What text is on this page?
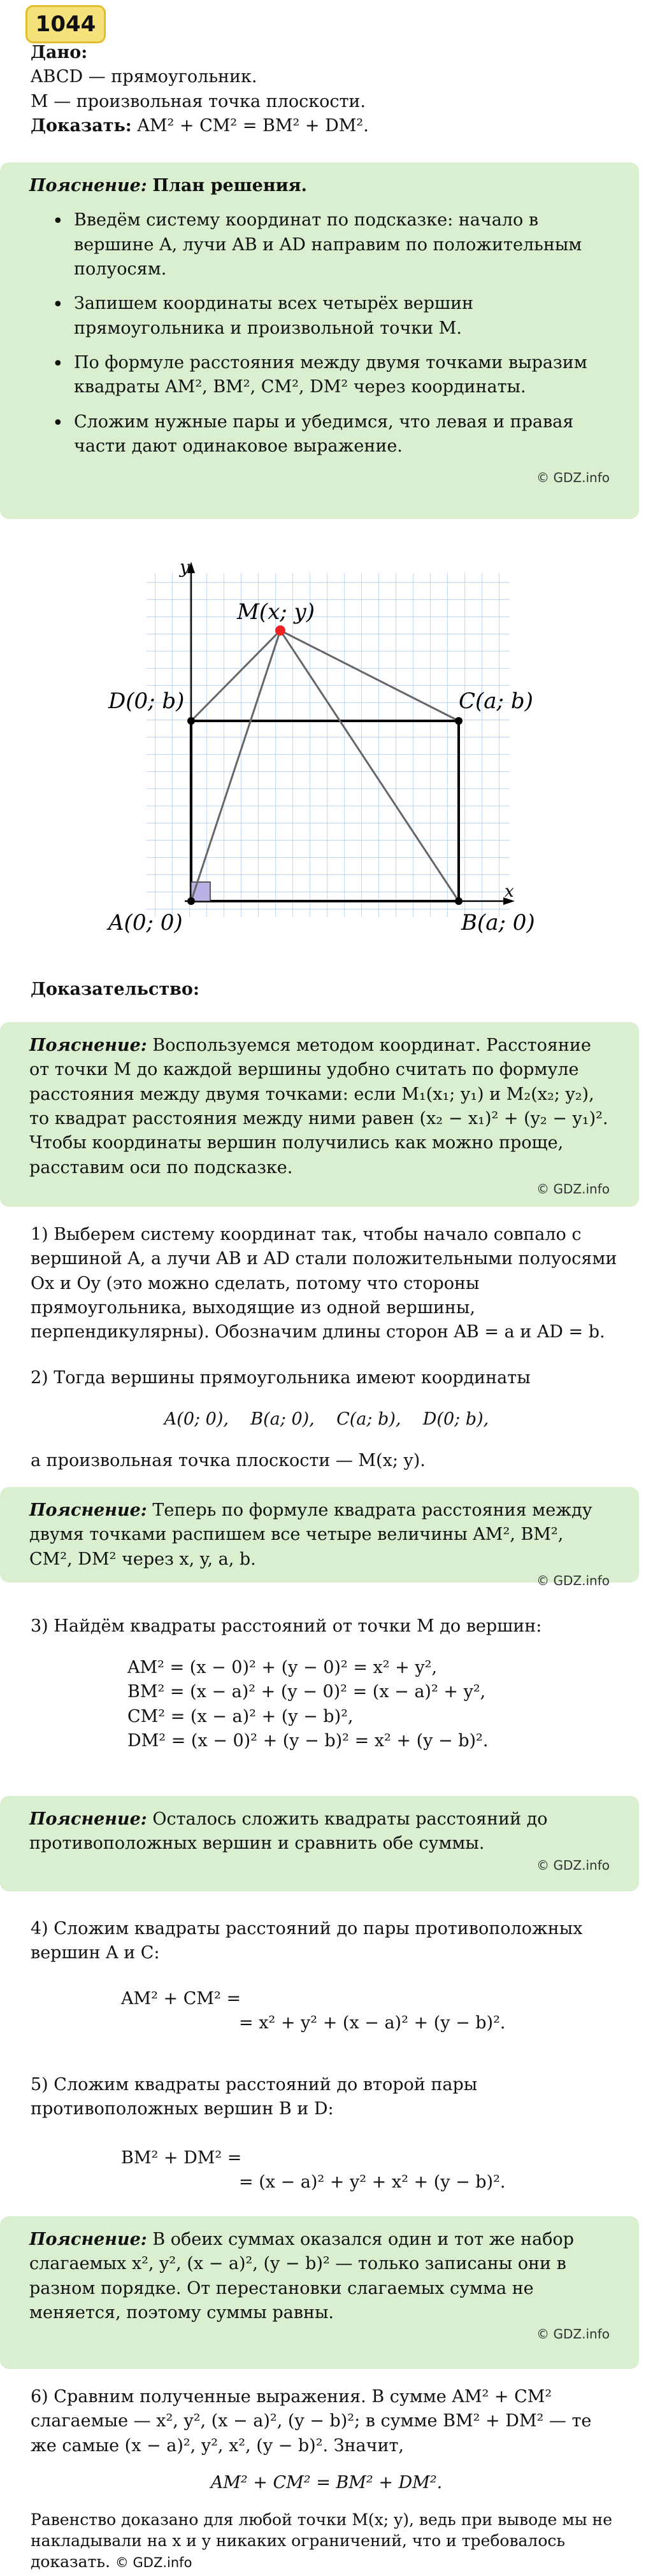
1044
Дано:
ABCD — прямоугольник.
M — произвольная точка плоскости.
Доказать: AM² + CM² = BM² + DM².
Пояснение: План решения.
• Введём систему координат по подсказке: начало в вершине A, лучи AB и AD направим по положительным полуосям.
• Запишем координаты всех четырёх вершин прямоугольника и произвольной точки M.
• По формуле расстояния между двумя точками выразим квадраты AM², BM², CM², DM² через координаты.
• Сложим нужные пары и убедимся, что левая и правая части дают одинаковое выражение.
© GDZ.info
y
x
M(x; y)
D(0; b)	C(a; b)
A(0; 0)	B(a; 0)
Доказательство:
Пояснение: Воспользуемся методом координат. Расстояние от точки M до каждой вершины удобно считать по формуле расстояния между двумя точками: если M₁(x₁; y₁) и M₂(x₂; y₂), то квадрат расстояния между ними равен (x₂ − x₁)² + (y₂ − y₁)². Чтобы координаты вершин получились как можно проще, расставим оси по подсказке.
© GDZ.info
1) Выберем систему координат так, чтобы начало совпало с вершиной A, а лучи AB и AD стали положительными полуосями Ox и Oy (это можно сделать, потому что стороны прямоугольника, выходящие из одной вершины, перпендикулярны). Обозначим длины сторон AB = a и AD = b.
2) Тогда вершины прямоугольника имеют координаты
A(0; 0),    B(a; 0),    C(a; b),    D(0; b),
а произвольная точка плоскости — M(x; y).
Пояснение: Теперь по формуле квадрата расстояния между двумя точками распишем все четыре величины AM², BM², CM², DM² через x, y, a, b.
© GDZ.info
3) Найдём квадраты расстояний от точки M до вершин:
AM² = (x − 0)² + (y − 0)² = x² + y²,
BM² = (x − a)² + (y − 0)² = (x − a)² + y²,
CM² = (x − a)² + (y − b)²,
DM² = (x − 0)² + (y − b)² = x² + (y − b)².
Пояснение: Осталось сложить квадраты расстояний до противоположных вершин и сравнить обе суммы.
© GDZ.info
4) Сложим квадраты расстояний до пары противоположных вершин A и C:
AM² + CM² =
= x² + y² + (x − a)² + (y − b)².
5) Сложим квадраты расстояний до второй пары противоположных вершин B и D:
BM² + DM² =
= (x − a)² + y² + x² + (y − b)².
Пояснение: В обеих суммах оказался один и тот же набор слагаемых x², y², (x − a)², (y − b)² — только записаны они в разном порядке. От перестановки слагаемых сумма не меняется, поэтому суммы равны.
© GDZ.info
6) Сравним полученные выражения. В сумме AM² + CM² слагаемые — x², y², (x − a)², (y − b)²; в сумме BM² + DM² — те же самые (x − a)², y², x², (y − b)². Значит,
AM² + CM² = BM² + DM².
Равенство доказано для любой точки M(x; y), ведь при выводе мы не накладывали на x и y никаких ограничений, что и требовалось доказать. © GDZ.info
